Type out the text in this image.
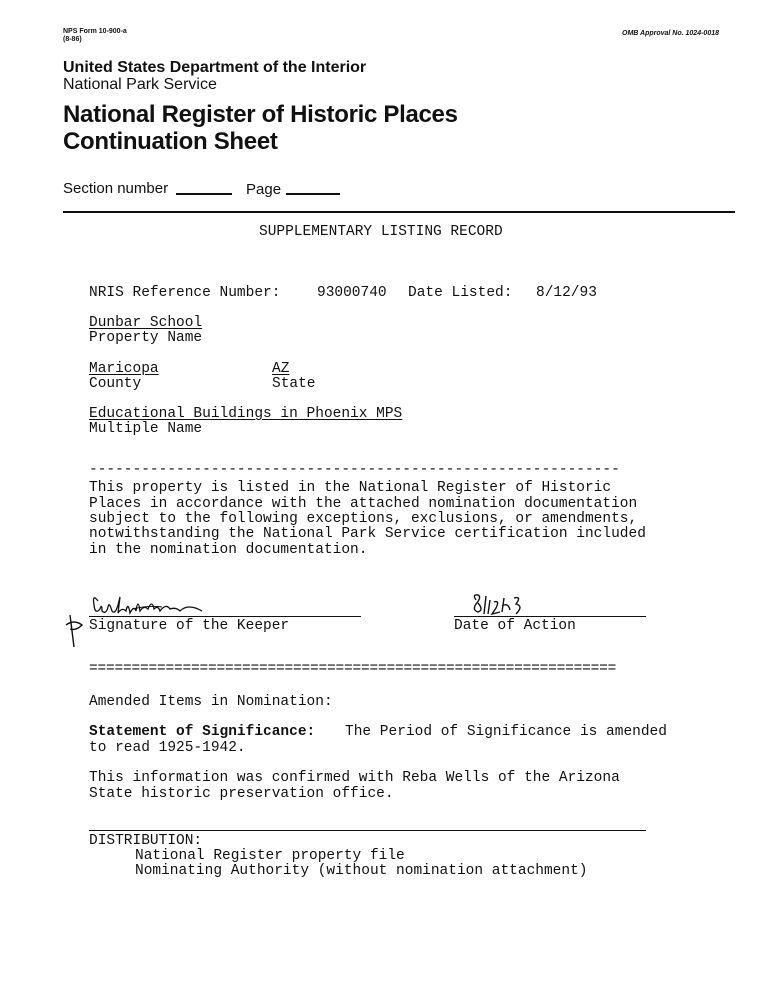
NPS Form 10-900-a
(8-86)
OMB Approval No. 1024-0018
United States Department of the Interior
National Park Service
National Register of Historic Places
Continuation Sheet
Section number	Page
SUPPLEMENTARY LISTING RECORD
NRIS Reference Number:	93000740 Date Listed: 8/12/93
Dunbar School
Property Name
Maricopa
County
AZ
State
Educational Buildings in Phoenix MPS
Multiple Name
-------------------------------------------------------------
This property is listed in the National Register of Historic
Places in accordance with the attached nomination documentation
subject to the following exceptions, exclusions, or amendments,
notwithstanding the National Park Service certification included
in the nomination documentation.
Signature of the Keeper	Date of Action
==============================================================
Amended Items in Nomination:
Statement of Significance: The Period of Significance is amended
to read 1925-1942.
This information was confirmed with Reba Wells of the Arizona
State historic preservation office.
DISTRIBUTION:
National Register property file
Nominating Authority (without nomination attachment)
